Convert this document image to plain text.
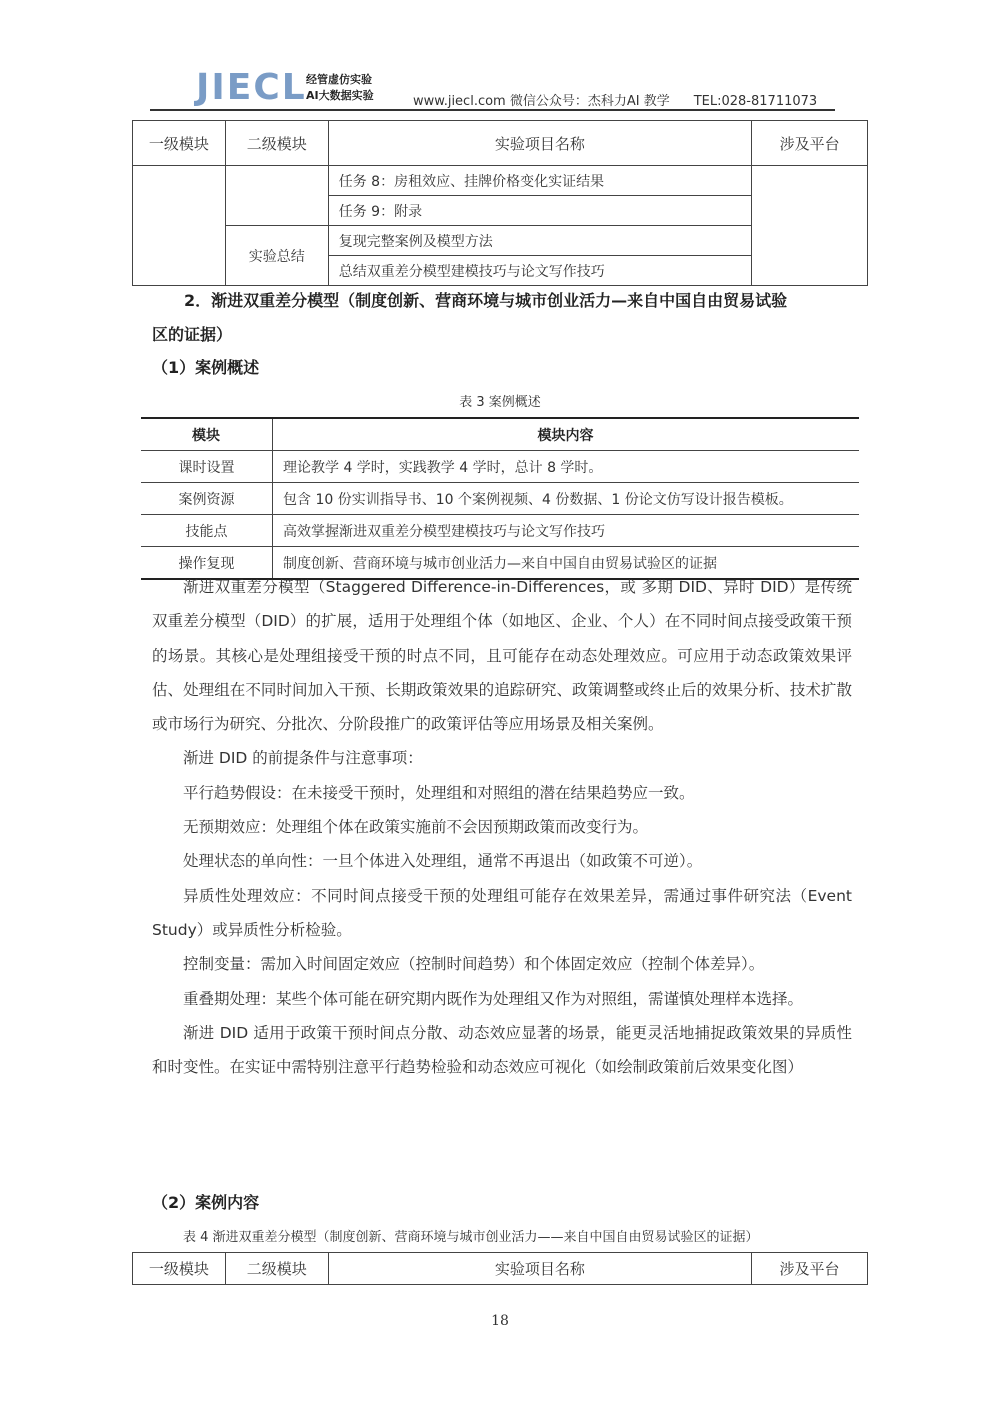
JIECL 经管虚仿实验
AI大数据实验	www.jiecl.com 微信公众号：杰科力AI 教学 TEL:028-81711073
一级模块	二级模块	实验项目名称	涉及平台
		任务 8：房租效应、挂牌价格变化实证结果	
		任务 9：附录	
	实验总结	复现完整案例及模型方法	
		总结双重差分模型建模技巧与论文写作技巧	
2．渐进双重差分模型（制度创新、营商环境与城市创业活力—来自中国自由贸易试验
区的证据）
（1）案例概述
表 3 案例概述
模块	模块内容
课时设置	理论教学 4 学时，实践教学 4 学时，总计 8 学时。
案例资源	包含 10 份实训指导书、10 个案例视频、4 份数据、1 份论文仿写设计报告模板。
技能点	高效掌握渐进双重差分模型建模技巧与论文写作技巧
操作复现	制度创新、营商环境与城市创业活力—来自中国自由贸易试验区的证据

渐进双重差分模型（Staggered Difference-in-Differences，或 多期 DID、异时 DID）是传统双重差分模型（DID）的扩展，适用于处理组个体（如地区、企业、个人）在不同时间点接受政策干预的场景。其核心是处理组接受干预的时点不同，且可能存在动态处理效应。可应用于动态政策效果评估、处理组在不同时间加入干预、长期政策效果的追踪研究、政策调整或终止后的效果分析、技术扩散或市场行为研究、分批次、分阶段推广的政策评估等应用场景及相关案例。

渐进 DID 的前提条件与注意事项：

平行趋势假设：在未接受干预时，处理组和对照组的潜在结果趋势应一致。

无预期效应：处理组个体在政策实施前不会因预期政策而改变行为。

处理状态的单向性：一旦个体进入处理组，通常不再退出（如政策不可逆）。

异质性处理效应：不同时间点接受干预的处理组可能存在效果差异，需通过事件研究法（Event Study）或异质性分析检验。

控制变量：需加入时间固定效应（控制时间趋势）和个体固定效应（控制个体差异）。

重叠期处理：某些个体可能在研究期内既作为处理组又作为对照组，需谨慎处理样本选择。

渐进 DID 适用于政策干预时间点分散、动态效应显著的场景，能更灵活地捕捉政策效果的异质性和时变性。在实证中需特别注意平行趋势检验和动态效应可视化（如绘制政策前后效果变化图）

（2）案例内容
表 4 渐进双重差分模型（制度创新、营商环境与城市创业活力——来自中国自由贸易试验区的证据）
一级模块	二级模块	实验项目名称	涉及平台
18
